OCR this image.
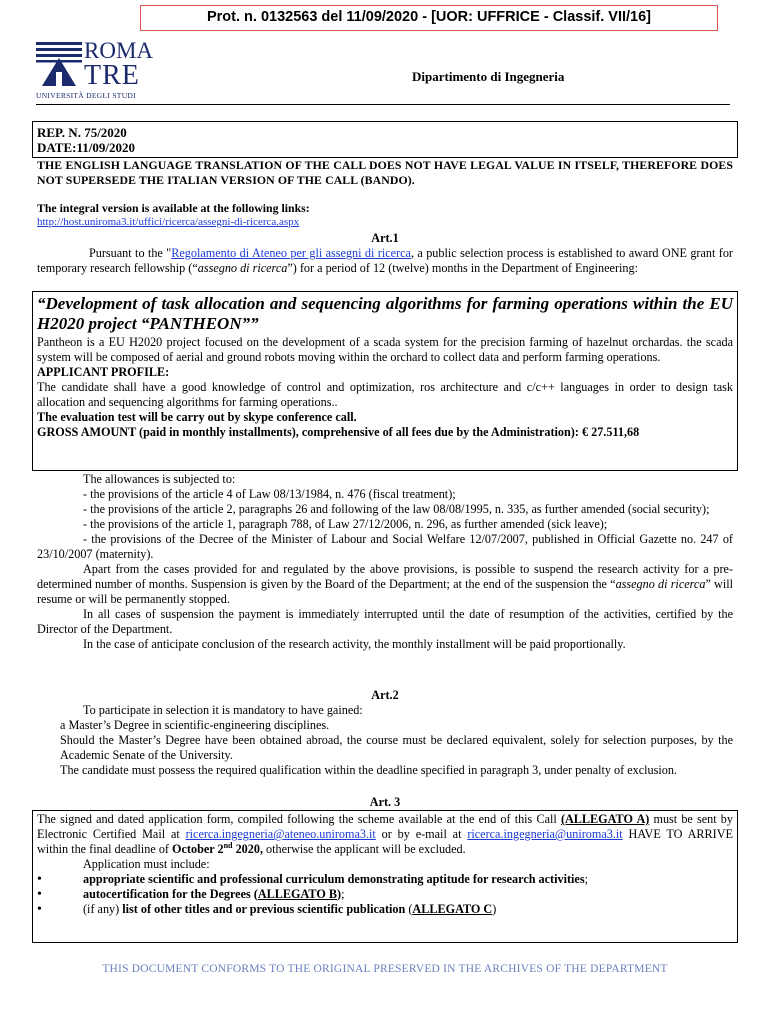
Prot. n. 0132563 del 11/09/2020 - [UOR: UFFRICE - Classif. VII/16]
ROMA
TRE
UNIVERSITÀ DEGLI STUDI
Dipartimento di Ingegneria
REP. N. 75/2020
DATE:11/09/2020
THE ENGLISH LANGUAGE TRANSLATION OF THE CALL DOES NOT HAVE LEGAL VALUE IN ITSELF, THEREFORE DOES NOT SUPERSEDE THE ITALIAN VERSION OF THE CALL (BANDO).
The integral version is available at the following links:
http://host.uniroma3.it/uffici/ricerca/assegni-di-ricerca.aspx
Art.1
Pursuant to the "Regolamento di Ateneo per gli assegni di ricerca, a public selection process is established to award ONE grant for temporary research fellowship (“assegno di ricerca”) for a period of 12 (twelve) months in the Department of Engineering:
“Development of task allocation and sequencing algorithms for farming operations within the EU H2020 project “PANTHEON””
Pantheon is a EU H2020 project focused on the development of a scada system for the precision farming of hazelnut orchardas. the scada system will be composed of aerial and ground robots moving within the orchard to collect data and perform farming operations.
APPLICANT PROFILE:
The candidate shall have a good knowledge of control and optimization, ros architecture and c/c++ languages in order to design task allocation and sequencing algorithms for farming operations..
The evaluation test will be carry out by skype conference call.
GROSS AMOUNT (paid in monthly installments), comprehensive of all fees due by the Administration): € 27.511,68
The allowances is subjected to:
- the provisions of the article 4 of Law 08/13/1984, n. 476 (fiscal treatment);
- the provisions of the article 2, paragraphs 26 and following of the law 08/08/1995, n. 335, as further amended (social security);
- the provisions of the article 1, paragraph 788, of Law 27/12/2006, n. 296, as further amended (sick leave);
- the provisions of the Decree of the Minister of Labour and Social Welfare 12/07/2007, published in Official Gazette no. 247 of 23/10/2007 (maternity).
Apart from the cases provided for and regulated by the above provisions, is possible to suspend the research activity for a pre-determined number of months. Suspension is given by the Board of the Department; at the end of the suspension the “assegno di ricerca” will resume or will be permanently stopped.
In all cases of suspension the payment is immediately interrupted until the date of resumption of the activities, certified by the Director of the Department.
In the case of anticipate conclusion of the research activity, the monthly installment will be paid proportionally.
Art.2
To participate in selection it is mandatory to have gained:
a Master’s Degree in scientific-engineering disciplines.
Should the Master’s Degree have been obtained abroad, the course must be declared equivalent, solely for selection purposes, by the Academic Senate of the University.
The candidate must possess the required qualification within the deadline specified in paragraph 3, under penalty of exclusion.
Art. 3
The signed and dated application form, compiled following the scheme available at the end of this Call (ALLEGATO A) must be sent by Electronic Certified Mail at ricerca.ingegneria@ateneo.uniroma3.it or by e-mail at ricerca.ingegneria@uniroma3.it HAVE TO ARRIVE within the final deadline of October 2nd 2020, otherwise the applicant will be excluded.
Application must include:
• appropriate scientific and professional curriculum demonstrating aptitude for research activities;
• autocertification for the Degrees (ALLEGATO B);
• (if any) list of other titles and or previous scientific publication (ALLEGATO C)
THIS DOCUMENT CONFORMS TO THE ORIGINAL PRESERVED IN THE ARCHIVES OF THE DEPARTMENT
